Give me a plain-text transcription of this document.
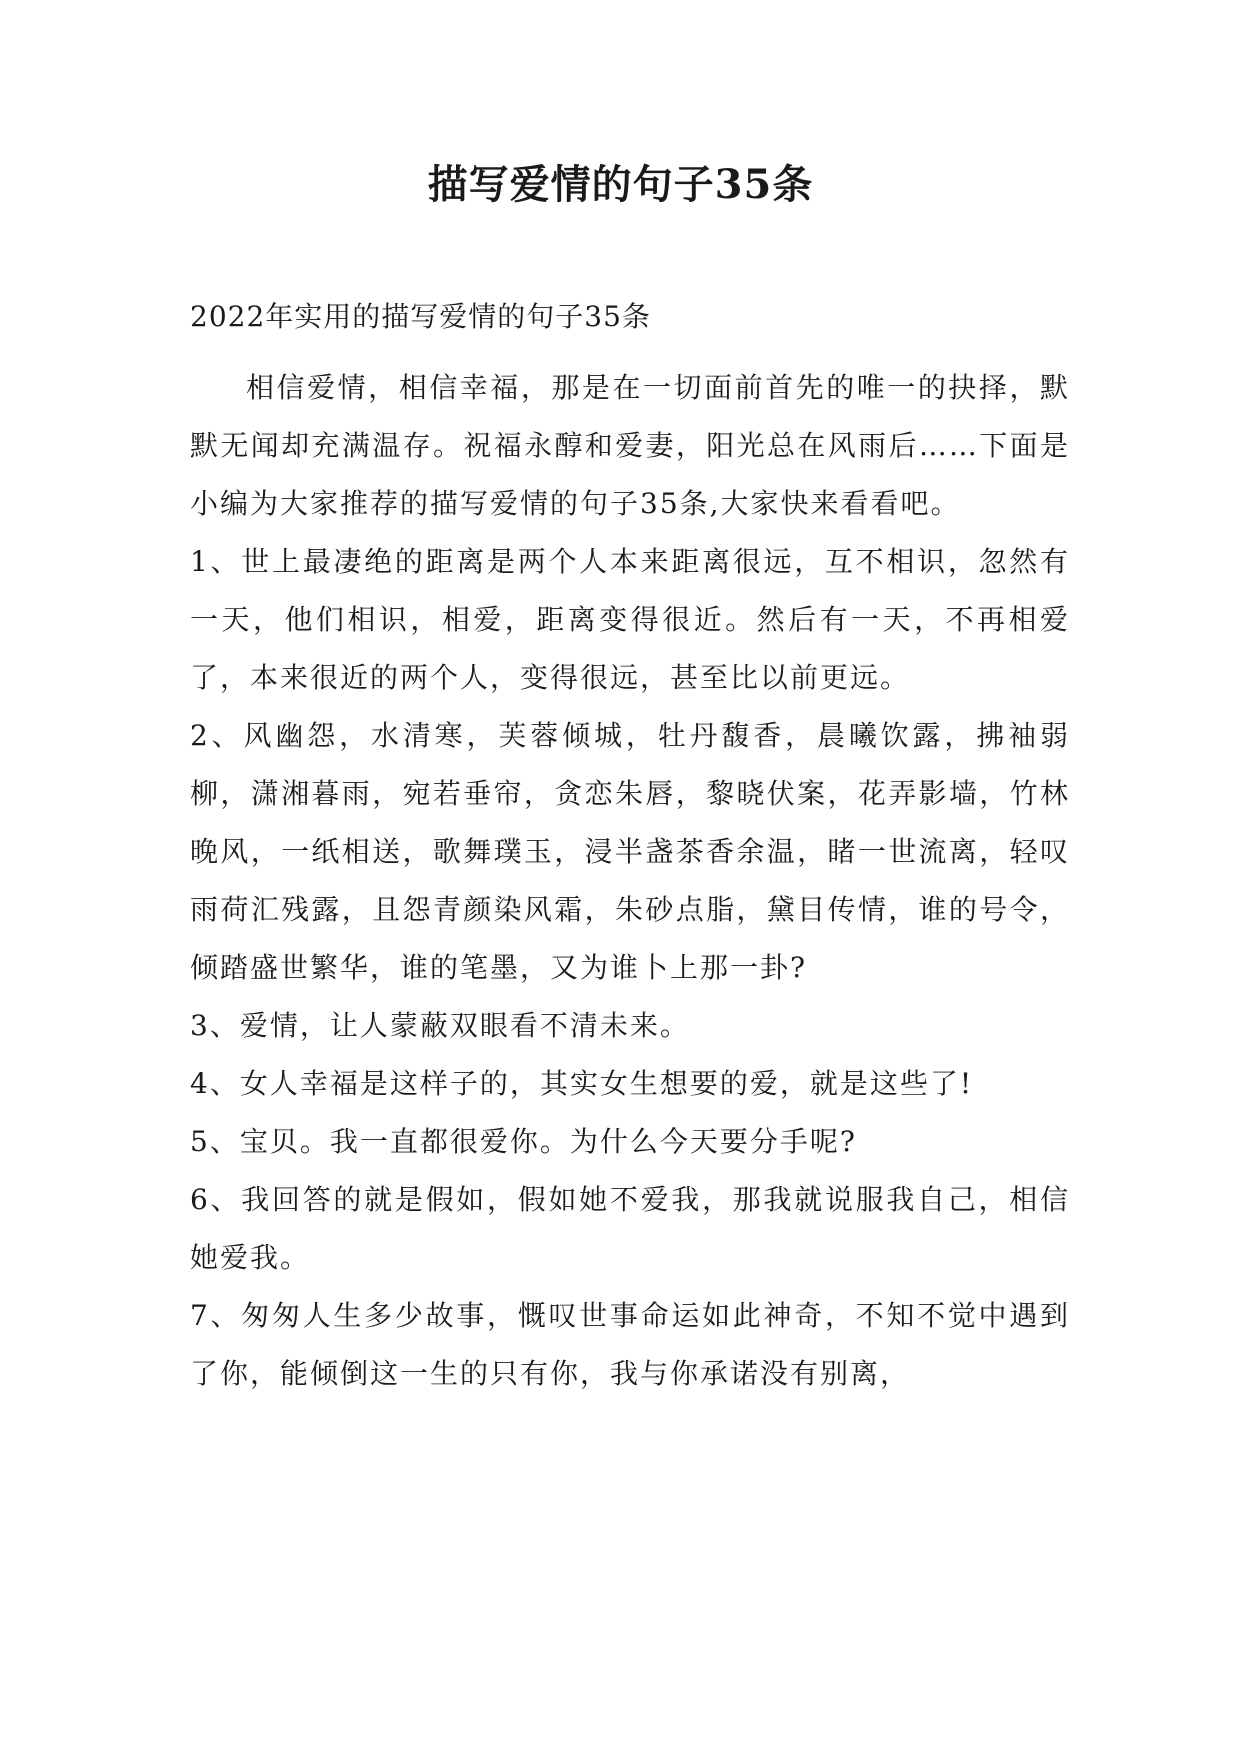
描写爱情的句子35条

2022年实用的描写爱情的句子35条

相信爱情，相信幸福，那是在一切面前首先的唯一的抉择，默默无闻却充满温存。祝福永醇和爱妻，阳光总在风雨后……下面是小编为大家推荐的描写爱情的句子35条,大家快来看看吧。

1、世上最凄绝的距离是两个人本来距离很远，互不相识，忽然有一天，他们相识，相爱，距离变得很近。然后有一天，不再相爱了，本来很近的两个人，变得很远，甚至比以前更远。

2、风幽怨，水清寒，芙蓉倾城，牡丹馥香，晨曦饮露，拂袖弱柳，潇湘暮雨，宛若垂帘，贪恋朱唇，黎晓伏案，花弄影墙，竹林晚风，一纸相送，歌舞璞玉，浸半盏茶香余温，睹一世流离，轻叹雨荷汇残露，且怨青颜染风霜，朱砂点脂，黛目传情，谁的号令，倾踏盛世繁华，谁的笔墨，又为谁卜上那一卦?

3、爱情，让人蒙蔽双眼看不清未来。

4、女人幸福是这样子的，其实女生想要的爱，就是这些了!

5、宝贝。我一直都很爱你。为什么今天要分手呢?

6、我回答的就是假如，假如她不爱我，那我就说服我自己，相信她爱我。

7、匆匆人生多少故事，慨叹世事命运如此神奇，不知不觉中遇到了你，能倾倒这一生的只有你，我与你承诺没有别离，
